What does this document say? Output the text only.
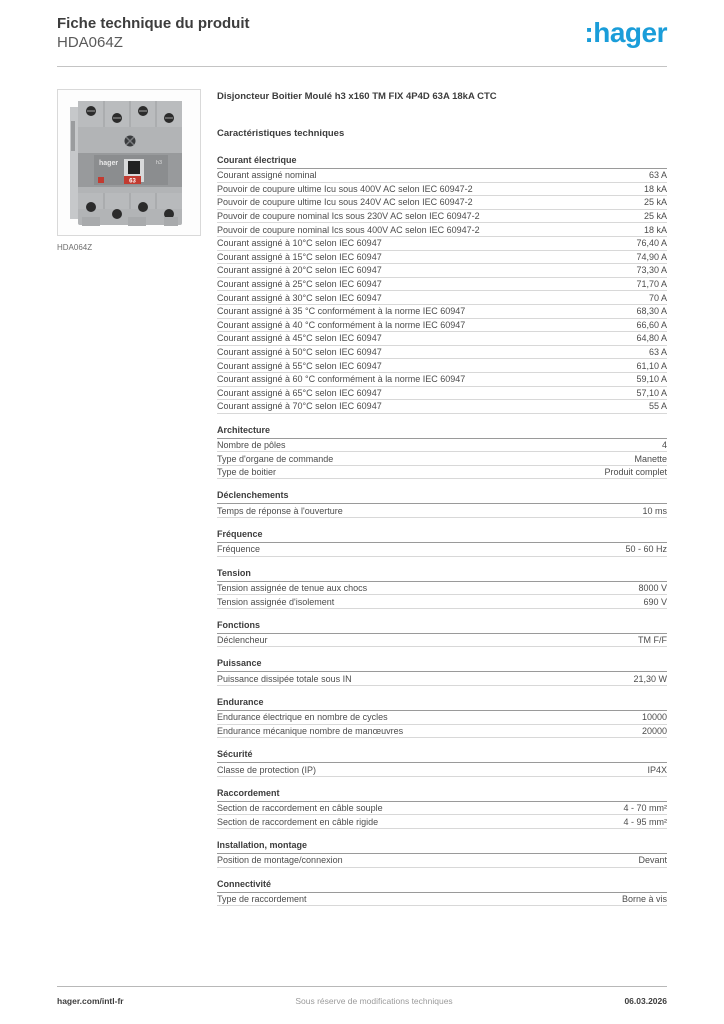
Fiche technique du produit
HDA064Z	:hager
hager	h3
63
HDA064Z
Disjoncteur Boitier Moulé h3 x160 TM FIX 4P4D 63A 18kA CTC
Caractéristiques techniques
Courant électrique
Courant assigné nominal	63 A
Pouvoir de coupure ultime Icu sous 400V AC selon IEC 60947-2	18 kA
Pouvoir de coupure ultime Icu sous 240V AC selon IEC 60947-2	25 kA
Pouvoir de coupure nominal Ics sous 230V AC selon IEC 60947-2	25 kA
Pouvoir de coupure nominal Ics sous 400V AC selon IEC 60947-2	18 kA
Courant assigné à 10°C selon IEC 60947	76,40 A
Courant assigné à 15°C selon IEC 60947	74,90 A
Courant assigné à 20°C selon IEC 60947	73,30 A
Courant assigné à 25°C selon IEC 60947	71,70 A
Courant assigné à 30°C selon IEC 60947	70 A
Courant assigné à 35 °C conformément à la norme IEC 60947	68,30 A
Courant assigné à 40 °C conformément à la norme IEC 60947	66,60 A
Courant assigné à 45°C selon IEC 60947	64,80 A
Courant assigné à 50°C selon IEC 60947	63 A
Courant assigné à 55°C selon IEC 60947	61,10 A
Courant assigné à 60 °C conformément à la norme IEC 60947	59,10 A
Courant assigné à 65°C selon IEC 60947	57,10 A
Courant assigné à 70°C selon IEC 60947	55 A
Architecture
Nombre de pôles	4
Type d'organe de commande	Manette
Type de boitier	Produit complet
Déclenchements
Temps de réponse à l'ouverture	10 ms
Fréquence
Fréquence	50 - 60 Hz
Tension
Tension assignée de tenue aux chocs	8000 V
Tension assignée d'isolement	690 V
Fonctions
Déclencheur	TM F/F
Puissance
Puissance dissipée totale sous IN	21,30 W
Endurance
Endurance électrique en nombre de cycles	10000
Endurance mécanique nombre de manœuvres	20000
Sécurité
Classe de protection (IP)	IP4X
Raccordement
Section de raccordement en câble souple	4 - 70 mm²
Section de raccordement en câble rigide	4 - 95 mm²
Installation, montage
Position de montage/connexion	Devant
Connectivité
Type de raccordement	Borne à vis
hager.com/intl-fr	Sous réserve de modifications techniques	06.03.2026
